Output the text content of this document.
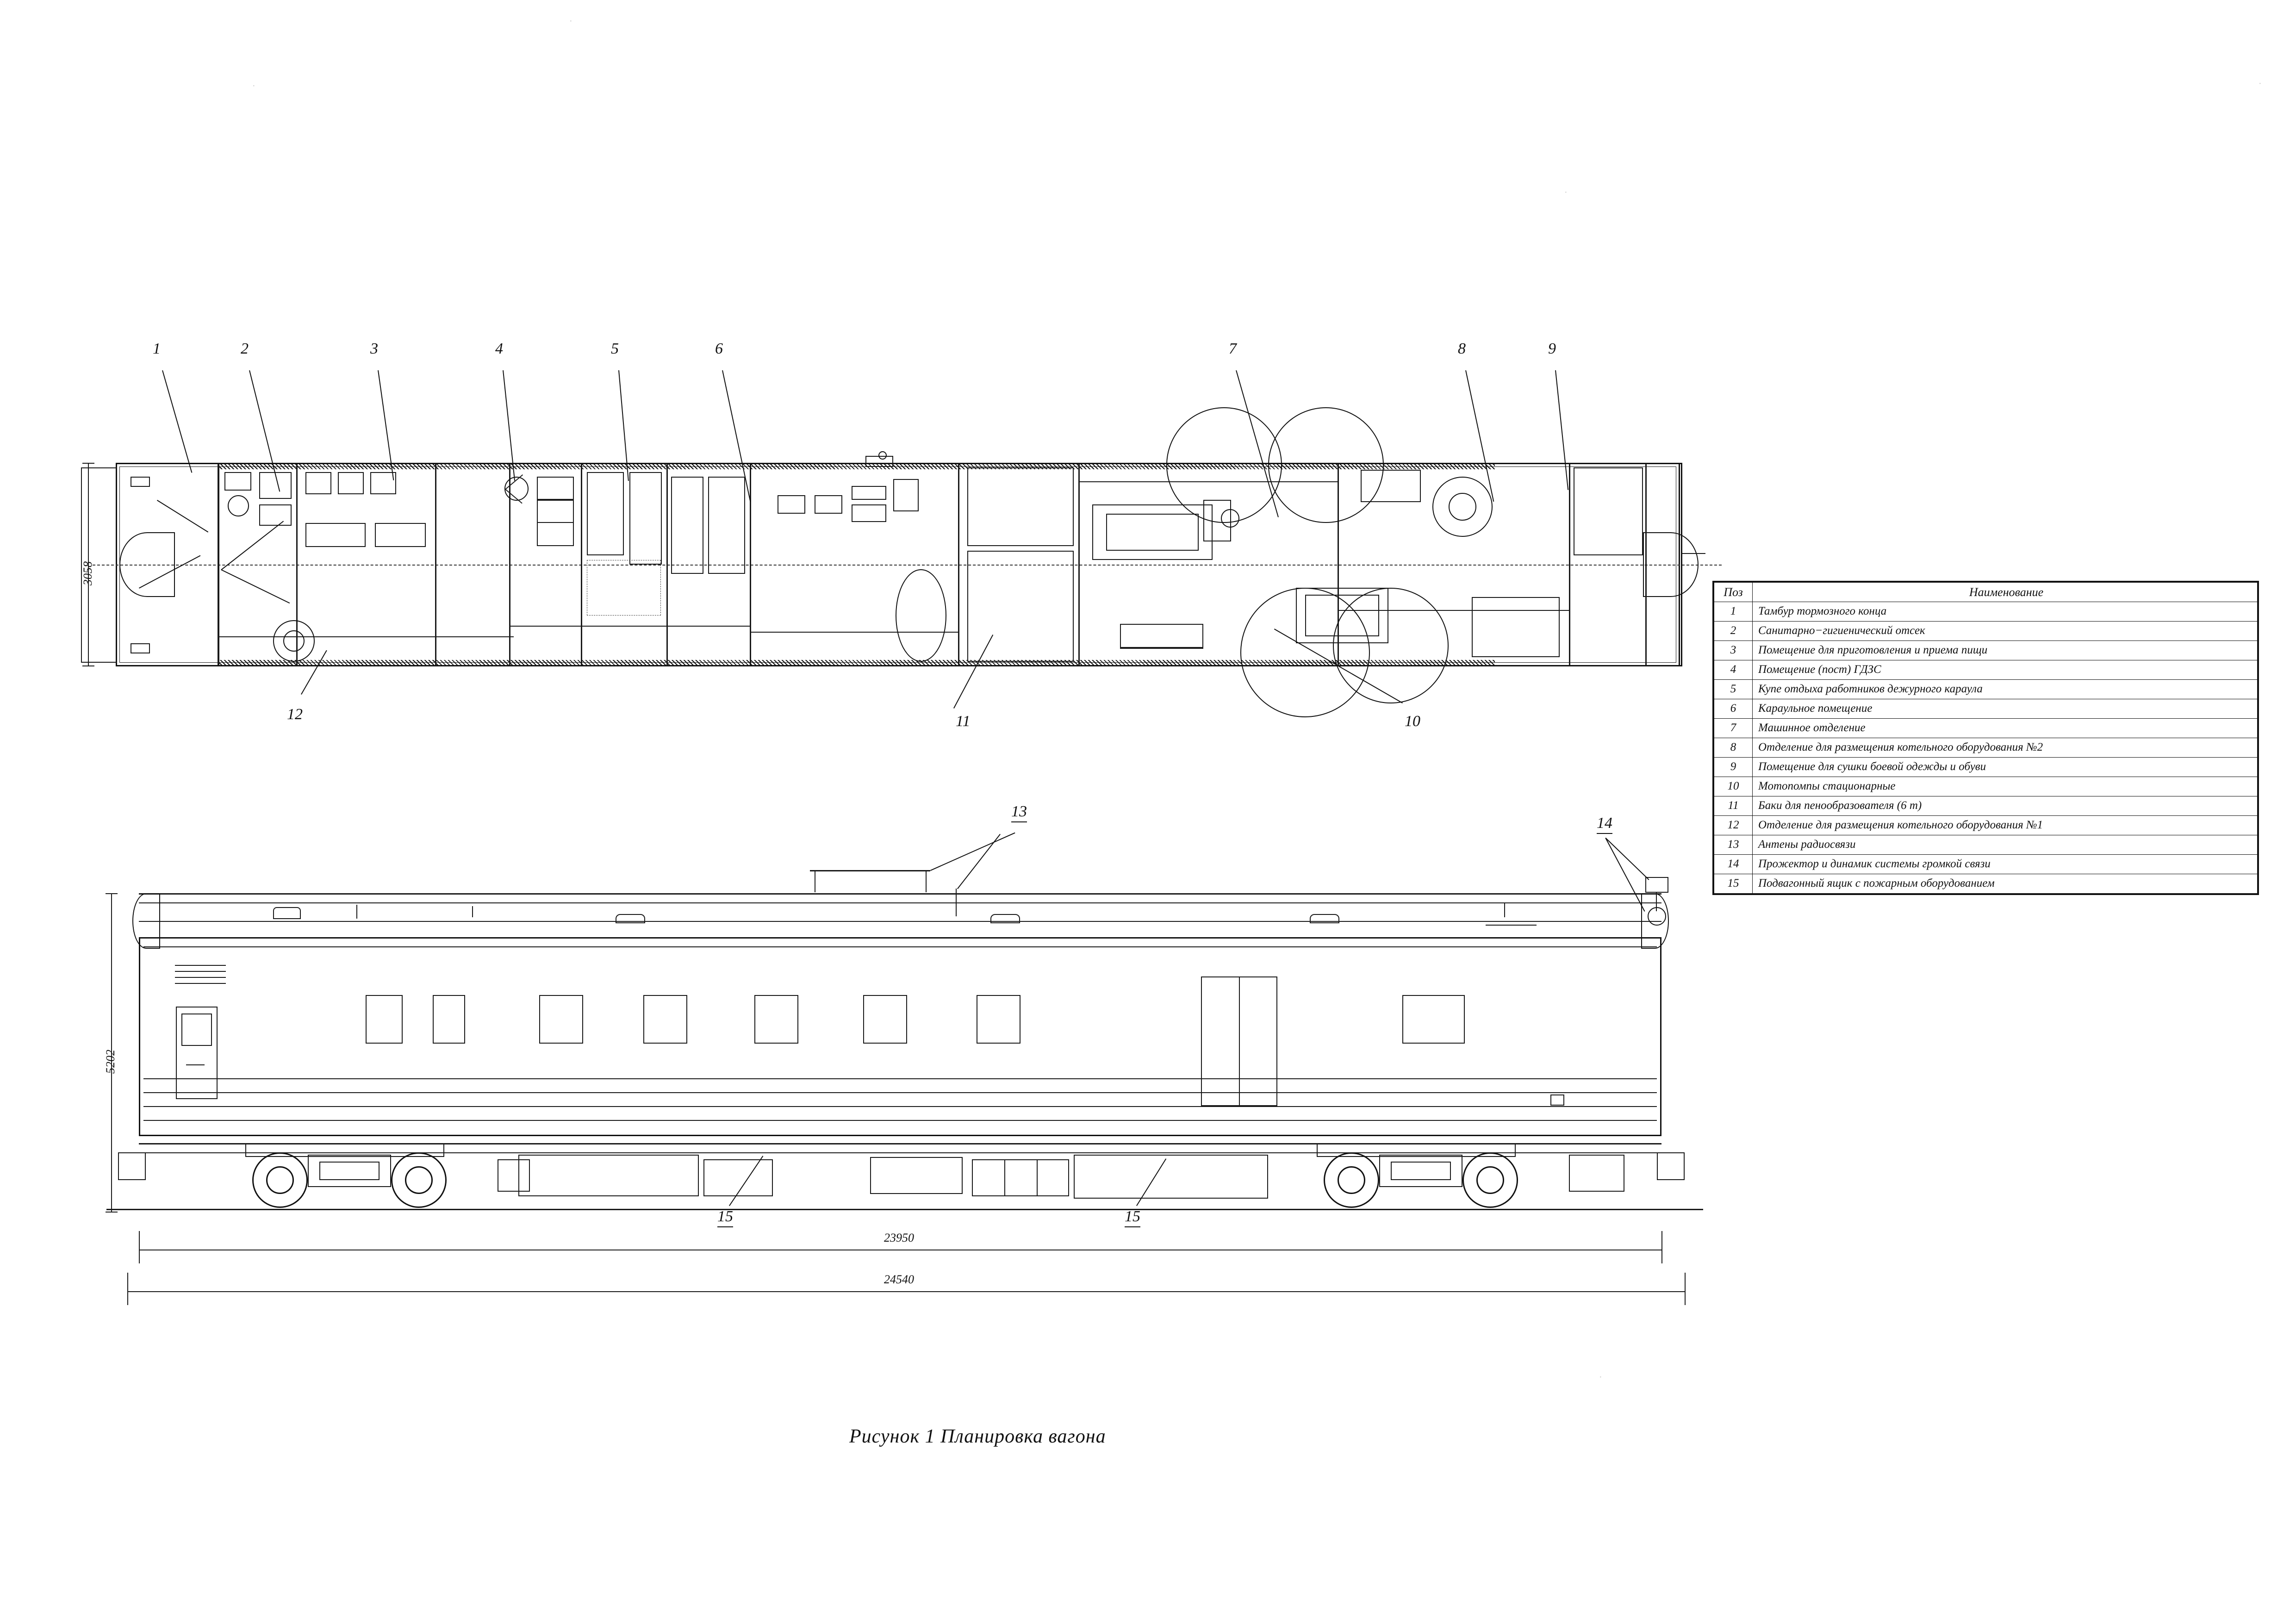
·
·
·
·
·
3058
1	2	3	4	5	6	7	8	9
10
11
12
13
14
15	15
5202
23950
24540
Поз	Наименование
1	Тамбур тормозного конца
2	Санитарно−гигиенический отсек
3	Помещение для приготовления и приема пищи
4	Помещение (пост) ГДЗС
5	Купе отдыха работников дежурного караула
6	Караульное помещение
7	Машинное отделение
8	Отделение для размещения котельного оборудования №2
9	Помещение для сушки боевой одежды и обуви
10	Мотопомпы стационарные
11	Баки для пенообразователя (6 m)
12	Отделение для размещения котельного оборудования №1
13	Антены радиосвязи
14	Прожектор и динамик системы громкой связи
15	Подвагонный ящик с пожарным оборудованием
Рисунок 1 Планировка вагона
